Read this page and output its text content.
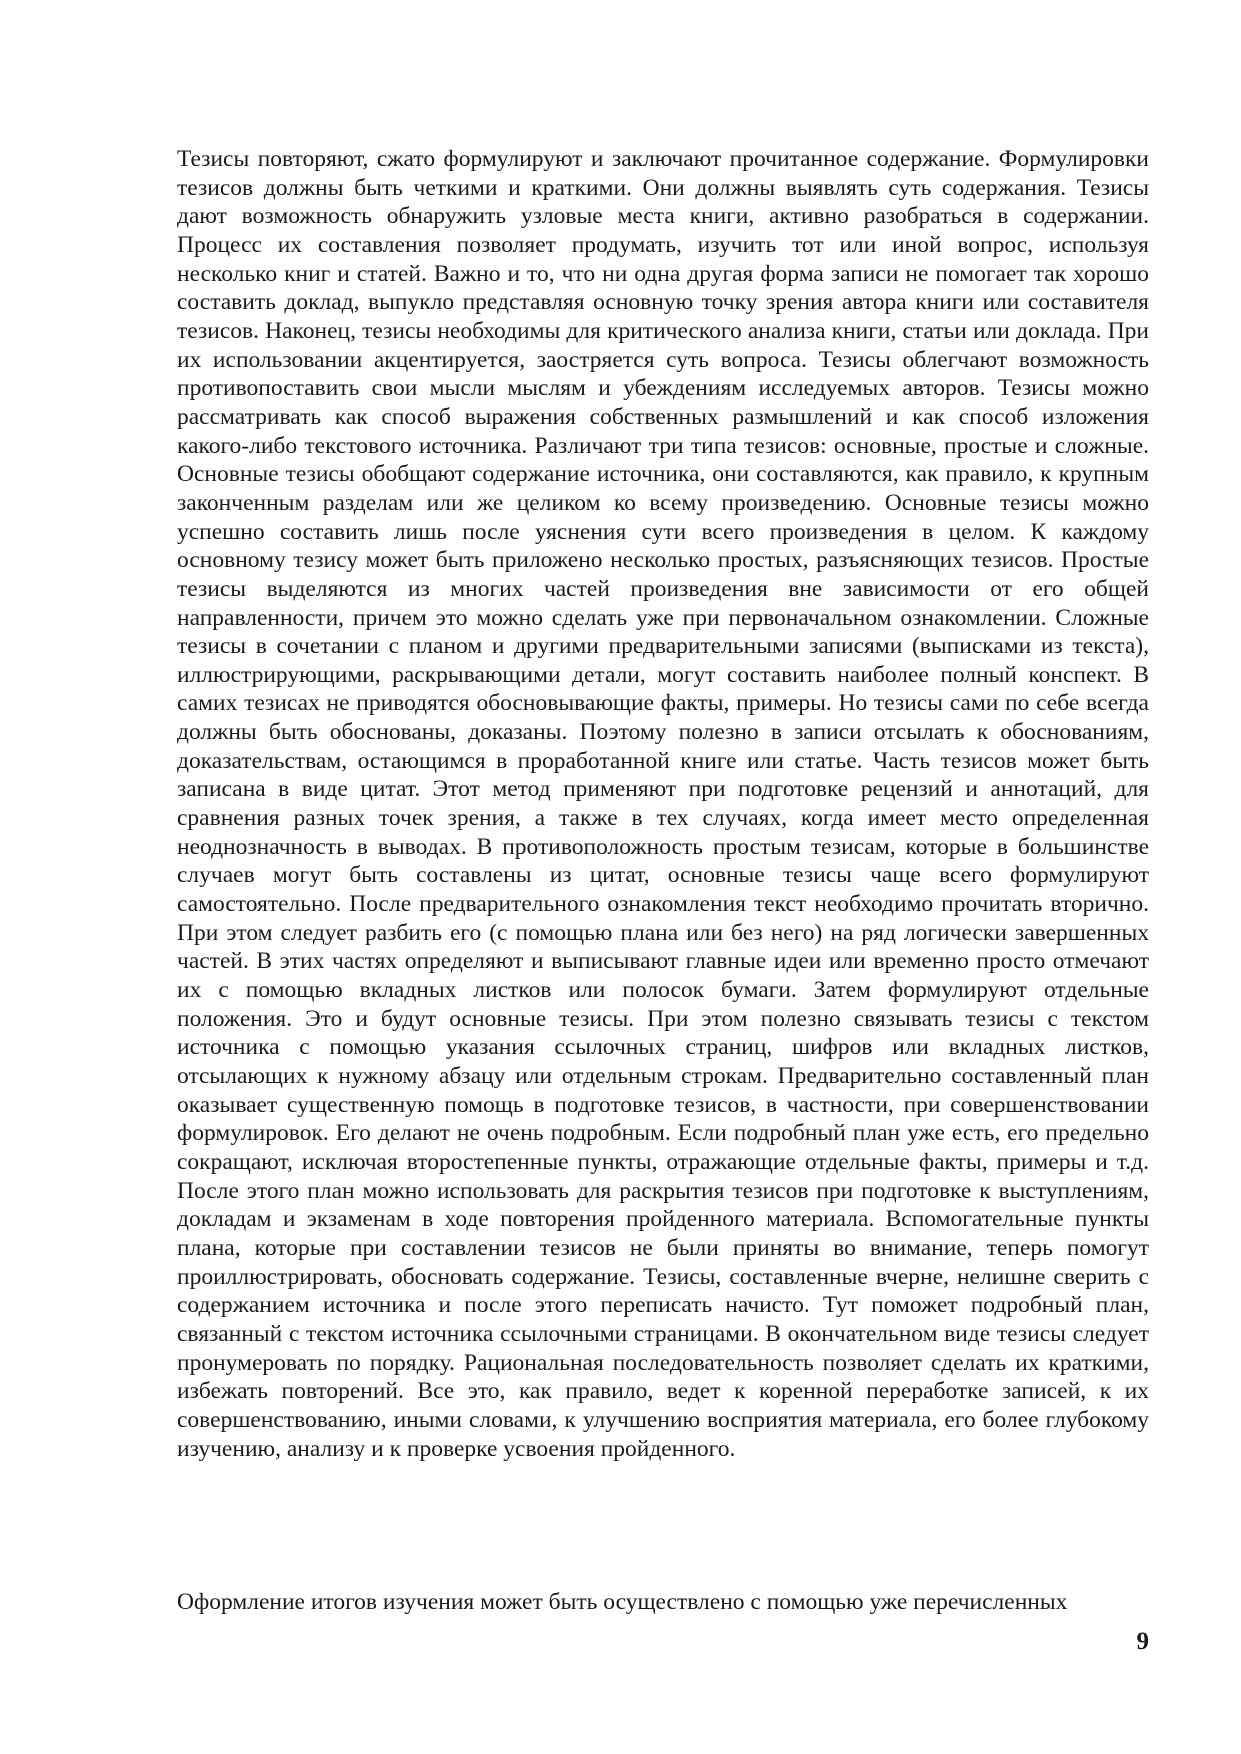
Тезисы повторяют, сжато формулируют и заключают прочитанное содержание. Формулировки тезисов должны быть четкими и краткими. Они должны выявлять суть содержания. Тезисы дают возможность обнаружить узловые места книги, активно разобраться в содержании. Процесс их составления позволяет продумать, изучить тот или иной вопрос, используя несколько книг и статей. Важно и то, что ни одна другая форма записи не помогает так хорошо составить доклад, выпукло представляя основную точку зрения автора книги или составителя тезисов. Наконец, тезисы необходимы для критического анализа книги, статьи или доклада. При их использовании акцентируется, заостряется суть вопроса. Тезисы облегчают возможность противопоставить свои мысли мыслям и убеждениям исследуемых авторов. Тезисы можно рассматривать как способ выражения собственных размышлений и как способ изложения какого-либо текстового источника. Различают три типа тезисов: основные, простые и сложные. Основные тезисы обобщают содержание источника, они составляются, как правило, к крупным законченным разделам или же целиком ко всему произведению. Основные тезисы можно успешно составить лишь после уяснения сути всего произведения в целом. К каждому основному тезису может быть приложено несколько простых, разъясняющих тезисов. Простые тезисы выделяются из многих частей произведения вне зависимости от его общей направленности, причем это можно сделать уже при первоначальном ознакомлении. Сложные тезисы в сочетании с планом и другими предварительными записями (выписками из текста), иллюстрирующими, раскрывающими детали, могут составить наиболее полный конспект. В самих тезисах не приводятся обосновывающие факты, примеры. Но тезисы сами по себе всегда должны быть обоснованы, доказаны. Поэтому полезно в записи отсылать к обоснованиям, доказательствам, остающимся в проработанной книге или статье. Часть тезисов может быть записана в виде цитат. Этот метод применяют при подготовке рецензий и аннотаций, для сравнения разных точек зрения, а также в тех случаях, когда имеет место определенная неоднозначность в выводах. В противоположность простым тезисам, которые в большинстве случаев могут быть составлены из цитат, основные тезисы чаще всего формулируют самостоятельно. После предварительного ознакомления текст необходимо прочитать вторично. При этом следует разбить его (с помощью плана или без него) на ряд логически завершенных частей. В этих частях определяют и выписывают главные идеи или временно просто отмечают их с помощью вкладных листков или полосок бумаги. Затем формулируют отдельные положения. Это и будут основные тезисы. При этом полезно связывать тезисы с текстом источника с помощью указания ссылочных страниц, шифров или вкладных листков, отсылающих к нужному абзацу или отдельным строкам. Предварительно составленный план оказывает существенную помощь в подготовке тезисов, в частности, при совершенствовании формулировок. Его делают не очень подробным. Если подробный план уже есть, его предельно сокращают, исключая второстепенные пункты, отражающие отдельные факты, примеры и т.д. После этого план можно использовать для раскрытия тезисов при подготовке к выступлениям, докладам и экзаменам в ходе повторения пройденного материала. Вспомогательные пункты плана, которые при составлении тезисов не были приняты во внимание, теперь помогут проиллюстрировать, обосновать содержание. Тезисы, составленные вчерне, нелишне сверить с содержанием источника и после этого переписать начисто. Тут поможет подробный план, связанный с текстом источника ссылочными страницами. В окончательном виде тезисы следует пронумеровать по порядку. Рациональная последовательность позволяет сделать их краткими, избежать повторений. Все это, как правило, ведет к коренной переработке записей, к их совершенствованию, иными словами, к улучшению восприятия материала, его более глубокому изучению, анализу и к проверке усвоения пройденного.

Оформление итогов изучения может быть осуществлено с помощью уже перечисленных

9
